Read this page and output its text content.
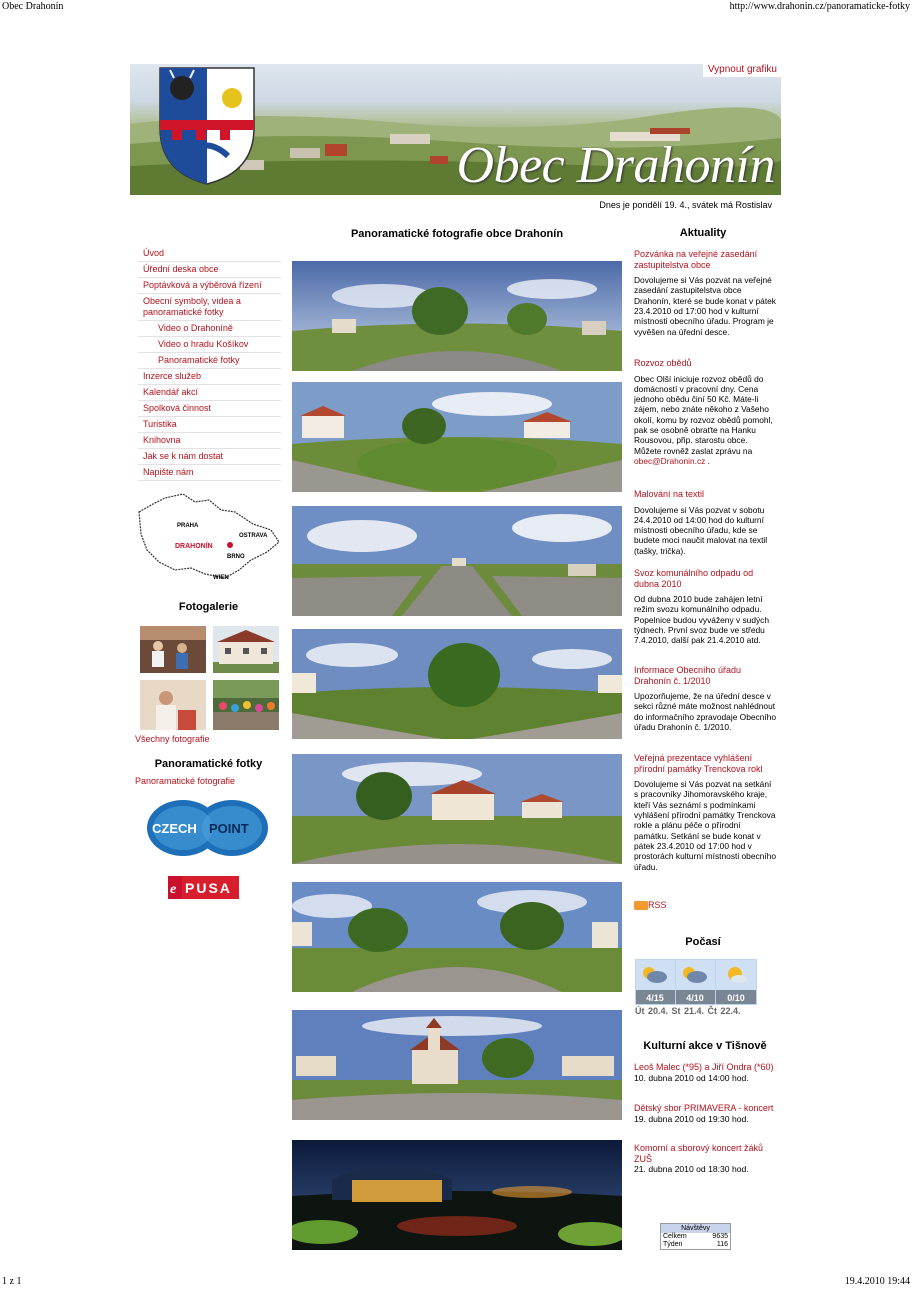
Obec Drahonín	http://www.drahonin.cz/panoramaticke-fotky
1 z 1	19.4.2010 19:44
Obec Drahonín
Vypnout grafiku
Dnes je pondělí 19. 4., svátek má Rostislav
Úvod
Úřední deska obce
Poptávková a výběrová řízení
Obecní symboly, videa a panoramatické fotky
Video o Drahoníně
Video o hradu Košíkov
Panoramatické fotky
Inzerce služeb
Kalendář akcí
Spolková činnost
Turistika
Knihovna
Jak se k nám dostat
Napište nám
PRAHA
OSTRAVA
DRAHONÍN
BRNO
WIEN
Fotogalerie
Všechny fotografie
Panoramatické fotky
Panoramatické fotografie
CZECH POINT
e PUSA
Panoramatické fotografie obce Drahonín	Aktuality
Pozvánka na veřejné zasedání zastupitelstva obce
Dovolujeme si Vás pozvat na veřejné zasedání zastupitelstva obce Drahonín, které se bude konat v pátek 23.4.2010 od 17:00 hod v kulturní místnosti obecního úřadu. Program je vyvěšen na úřední desce.
Rozvoz obědů
Obec Olší iniciuje rozvoz obědů do domácností v pracovní dny. Cena jednoho obědu činí 50 Kč. Máte-li zájem, nebo znáte někoho z Vašeho okolí, komu by rozvoz obědů pomohl, pak se osobně obraťte na Hanku Rousovou, přip. starostu obce. Můžete rovněž zaslat zprávu na obec@Drahonin.cz .
Malování na textil
Dovolujeme si Vás pozvat v sobotu 24.4.2010 od 14:00 hod do kulturní místnosti obecního úřadu, kde se budete moci naučit malovat na textil (tašky, trička).
Svoz komunálního odpadu od dubna 2010
Od dubna 2010 bude zahájen letní režim svozu komunálního odpadu. Popelnice budou vyváženy v sudých týdnech. První svoz bude ve středu 7.4.2010, další pak 21.4.2010 atd.
Informace Obecního úřadu Drahonín č. 1/2010
Upozorňujeme, že na úřední desce v sekci různé máte možnost nahlédnout do informačního zpravodaje Obecního úřadu Drahonín č. 1/2010.
Veřejná prezentace vyhlášení přírodní památky Trenckova rokl
Dovolujeme si Vás pozvat na setkání s pracovníky Jihomoravského kraje, kteří Vás seznámí s podmínkami vyhlášení přírodní památky Trenckova rokle a plánu péče o přírodní památku. Setkání se bude konat v pátek 23.4.2010 od 17:00 hod v prostorách kulturní místnosti obecního úřadu.
RSS
Počasí
4/15 4/10	0/10
Út 20.4. St 21.4. Čt 22.4.
Kulturní akce v Tišnově
Leoš Malec (*95) a Jiří Ondra (*60)
10. dubna 2010 od 14:00 hod.
Dětský sbor PRIMAVERA - koncert
19. dubna 2010 od 19:30 hod.
Komorní a sborový koncert žáků ZUŠ
21. dubna 2010 od 18:30 hod.
Návštěvy
Celkem	9635
Týden	116
